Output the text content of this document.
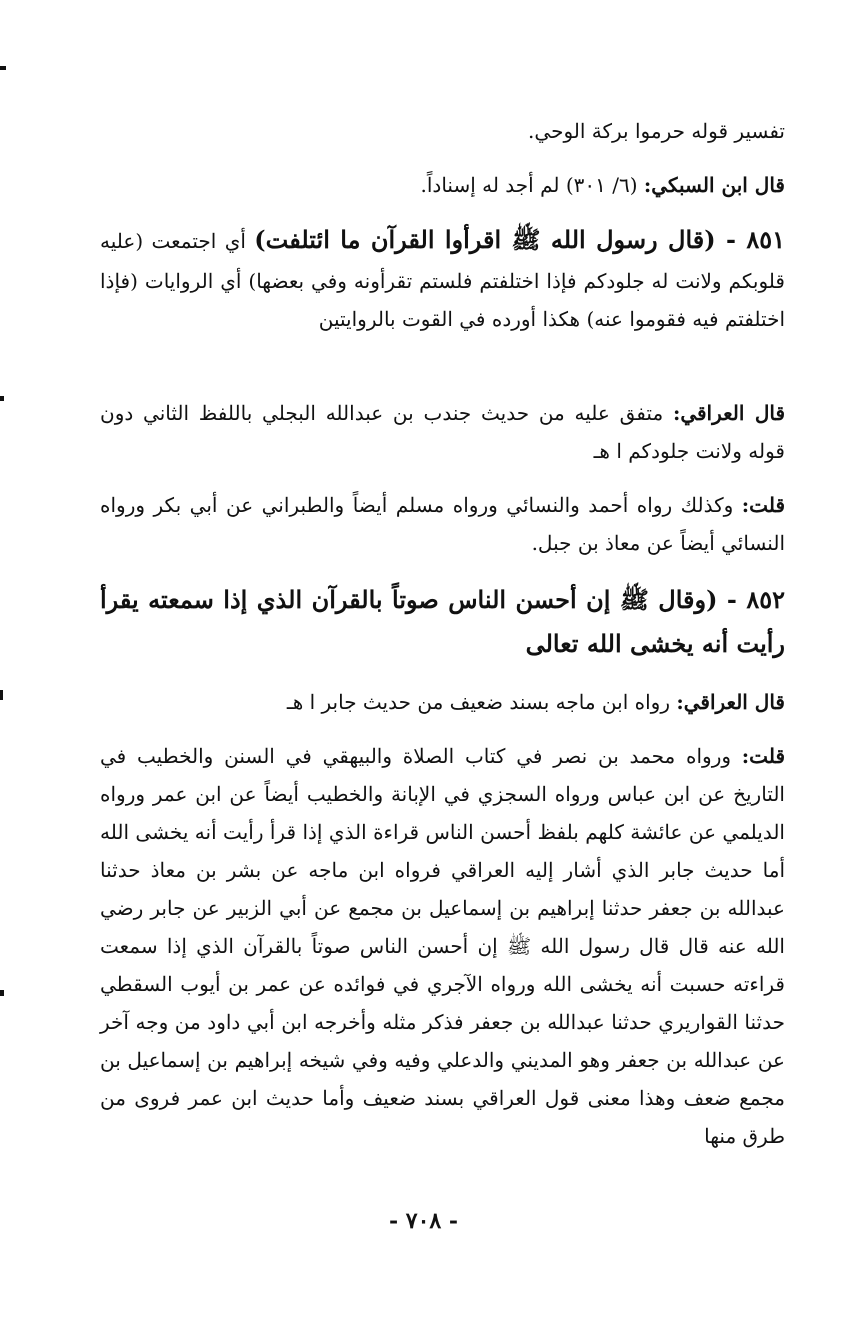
تفسير قوله حرموا بركة الوحي.
قال ابن السبكي: (٦/ ٣٠١) لم أجد له إسناداً.
٨٥١ - (قال رسول الله ﷺ اقرأوا القرآن ما ائتلفت) أي اجتمعت (عليه قلوبكم ولانت له جلودكم فإذا اختلفتم فلستم تقرأونه وفي بعضها) أي الروايات (فإذا اختلفتم فيه فقوموا عنه) هكذا أورده في القوت بالروايتين
قال العراقي: متفق عليه من حديث جندب بن عبدالله البجلي باللفظ الثاني دون قوله ولانت جلودكم ا هـ
قلت: وكذلك رواه أحمد والنسائي ورواه مسلم أيضاً والطبراني عن أبي بكر ورواه النسائي أيضاً عن معاذ بن جبل.
٨٥٢ - (وقال ﷺ إن أحسن الناس صوتاً بالقرآن الذي إذا سمعته يقرأ رأيت أنه يخشى الله تعالى
قال العراقي: رواه ابن ماجه بسند ضعيف من حديث جابر ا هـ
قلت: ورواه محمد بن نصر في كتاب الصلاة والبيهقي في السنن والخطيب في التاريخ عن ابن عباس ورواه السجزي في الإبانة والخطيب أيضاً عن ابن عمر ورواه الديلمي عن عائشة كلهم بلفظ أحسن الناس قراءة الذي إذا قرأ رأيت أنه يخشى الله أما حديث جابر الذي أشار إليه العراقي فرواه ابن ماجه عن بشر بن معاذ حدثنا عبدالله بن جعفر حدثنا إبراهيم بن إسماعيل بن مجمع عن أبي الزبير عن جابر رضي الله عنه قال قال رسول الله ﷺ إن أحسن الناس صوتاً بالقرآن الذي إذا سمعت قراءته حسبت أنه يخشى الله ورواه الآجري في فوائده عن عمر بن أيوب السقطي حدثنا القواريري حدثنا عبدالله بن جعفر فذكر مثله وأخرجه ابن أبي داود من وجه آخر عن عبدالله بن جعفر وهو المديني والدعلي وفيه وفي شيخه إبراهيم بن إسماعيل بن مجمع ضعف وهذا معنى قول العراقي بسند ضعيف وأما حديث ابن عمر فروى من طرق منها
- ٧٠٨ -
